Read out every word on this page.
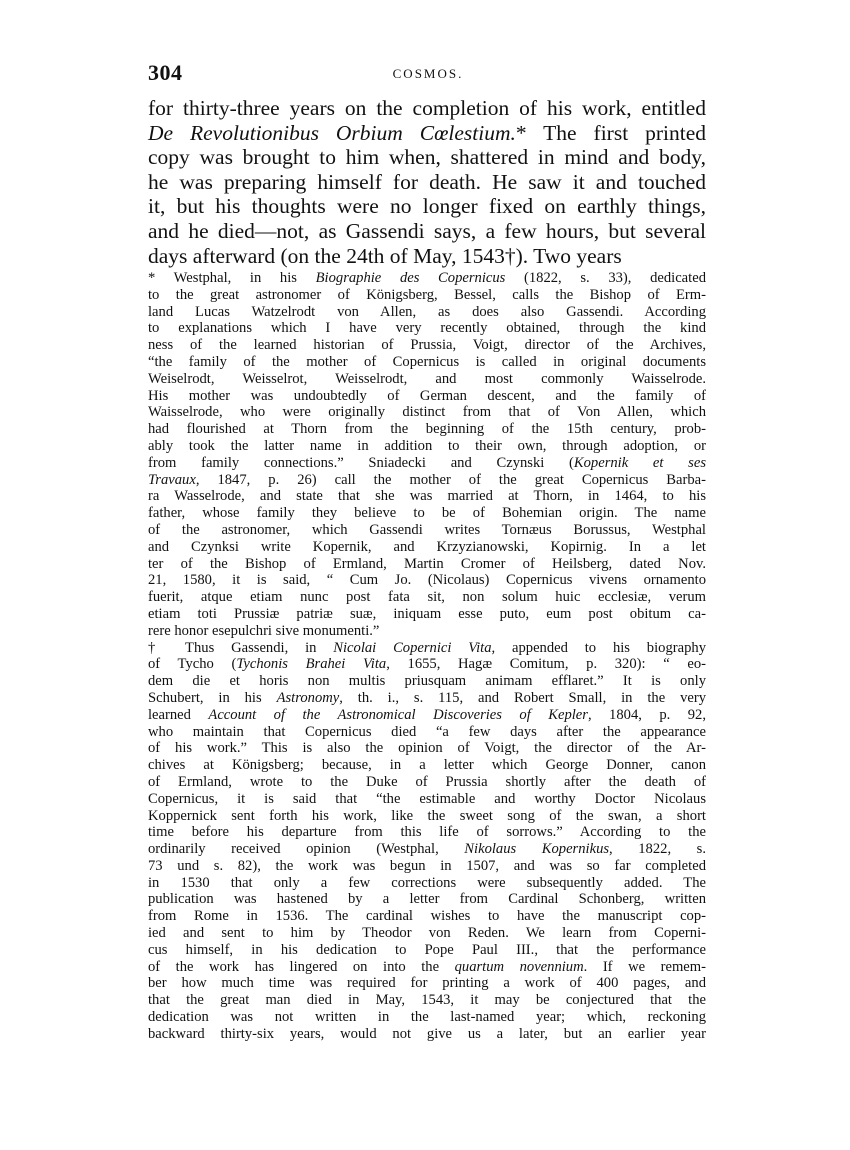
304	COSMOS.
for thirty-three years on the completion of his work, entitled
De Revolutionibus Orbium Cœlestium.* The first printed
copy was brought to him when, shattered in mind and body,
he was preparing himself for death. He saw it and touched
it, but his thoughts were no longer fixed on earthly things,
and he died—not, as Gassendi says, a few hours, but several
days afterward (on the 24th of May, 1543†). Two years
* Westphal, in his Biographie des Copernicus (1822, s. 33), dedicated
to the great astronomer of Königsberg, Bessel, calls the Bishop of Erm-
land Lucas Watzelrodt von Allen, as does also Gassendi. According
to explanations which I have very recently obtained, through the kind
ness of the learned historian of Prussia, Voigt, director of the Archives,
“the family of the mother of Copernicus is called in original documents
Weiselrodt, Weisselrot, Weisselrodt, and most commonly Waisselrode.
His mother was undoubtedly of German descent, and the family of
Waisselrode, who were originally distinct from that of Von Allen, which
had flourished at Thorn from the beginning of the 15th century, prob-
ably took the latter name in addition to their own, through adoption, or
from family connections.” Sniadecki and Czynski (Kopernik et ses
Travaux, 1847, p. 26) call the mother of the great Copernicus Barba-
ra Wasselrode, and state that she was married at Thorn, in 1464, to his
father, whose family they believe to be of Bohemian origin. The name
of the astronomer, which Gassendi writes Tornæus Borussus, Westphal
and Czynksi write Kopernik, and Krzyzianowski, Kopirnig. In a let
ter of the Bishop of Ermland, Martin Cromer of Heilsberg, dated Nov.
21, 1580, it is said, “ Cum Jo. (Nicolaus) Copernicus vivens ornamento
fuerit, atque etiam nunc post fata sit, non solum huic ecclesiæ, verum
etiam toti Prussiæ patriæ suæ, iniquam esse puto, eum post obitum ca-
rere honor esepulchri sive monumenti.”
† Thus Gassendi, in Nicolai Copernici Vita, appended to his biography
of Tycho (Tychonis Brahei Vita, 1655, Hagæ Comitum, p. 320): “ eo-
dem die et horis non multis priusquam animam efflaret.” It is only
Schubert, in his Astronomy, th. i., s. 115, and Robert Small, in the very
learned Account of the Astronomical Discoveries of Kepler, 1804, p. 92,
who maintain that Copernicus died “a few days after the appearance
of his work.” This is also the opinion of Voigt, the director of the Ar-
chives at Königsberg; because, in a letter which George Donner, canon
of Ermland, wrote to the Duke of Prussia shortly after the death of
Copernicus, it is said that “the estimable and worthy Doctor Nicolaus
Koppernick sent forth his work, like the sweet song of the swan, a short
time before his departure from this life of sorrows.” According to the
ordinarily received opinion (Westphal, Nikolaus Kopernikus, 1822, s.
73 und s. 82), the work was begun in 1507, and was so far completed
in 1530 that only a few corrections were subsequently added. The
publication was hastened by a letter from Cardinal Schonberg, written
from Rome in 1536. The cardinal wishes to have the manuscript cop-
ied and sent to him by Theodor von Reden. We learn from Coperni-
cus himself, in his dedication to Pope Paul III., that the performance
of the work has lingered on into the quartum novennium. If we remem-
ber how much time was required for printing a work of 400 pages, and
that the great man died in May, 1543, it may be conjectured that the
dedication was not written in the last-named year; which, reckoning
backward thirty-six years, would not give us a later, but an earlier year
